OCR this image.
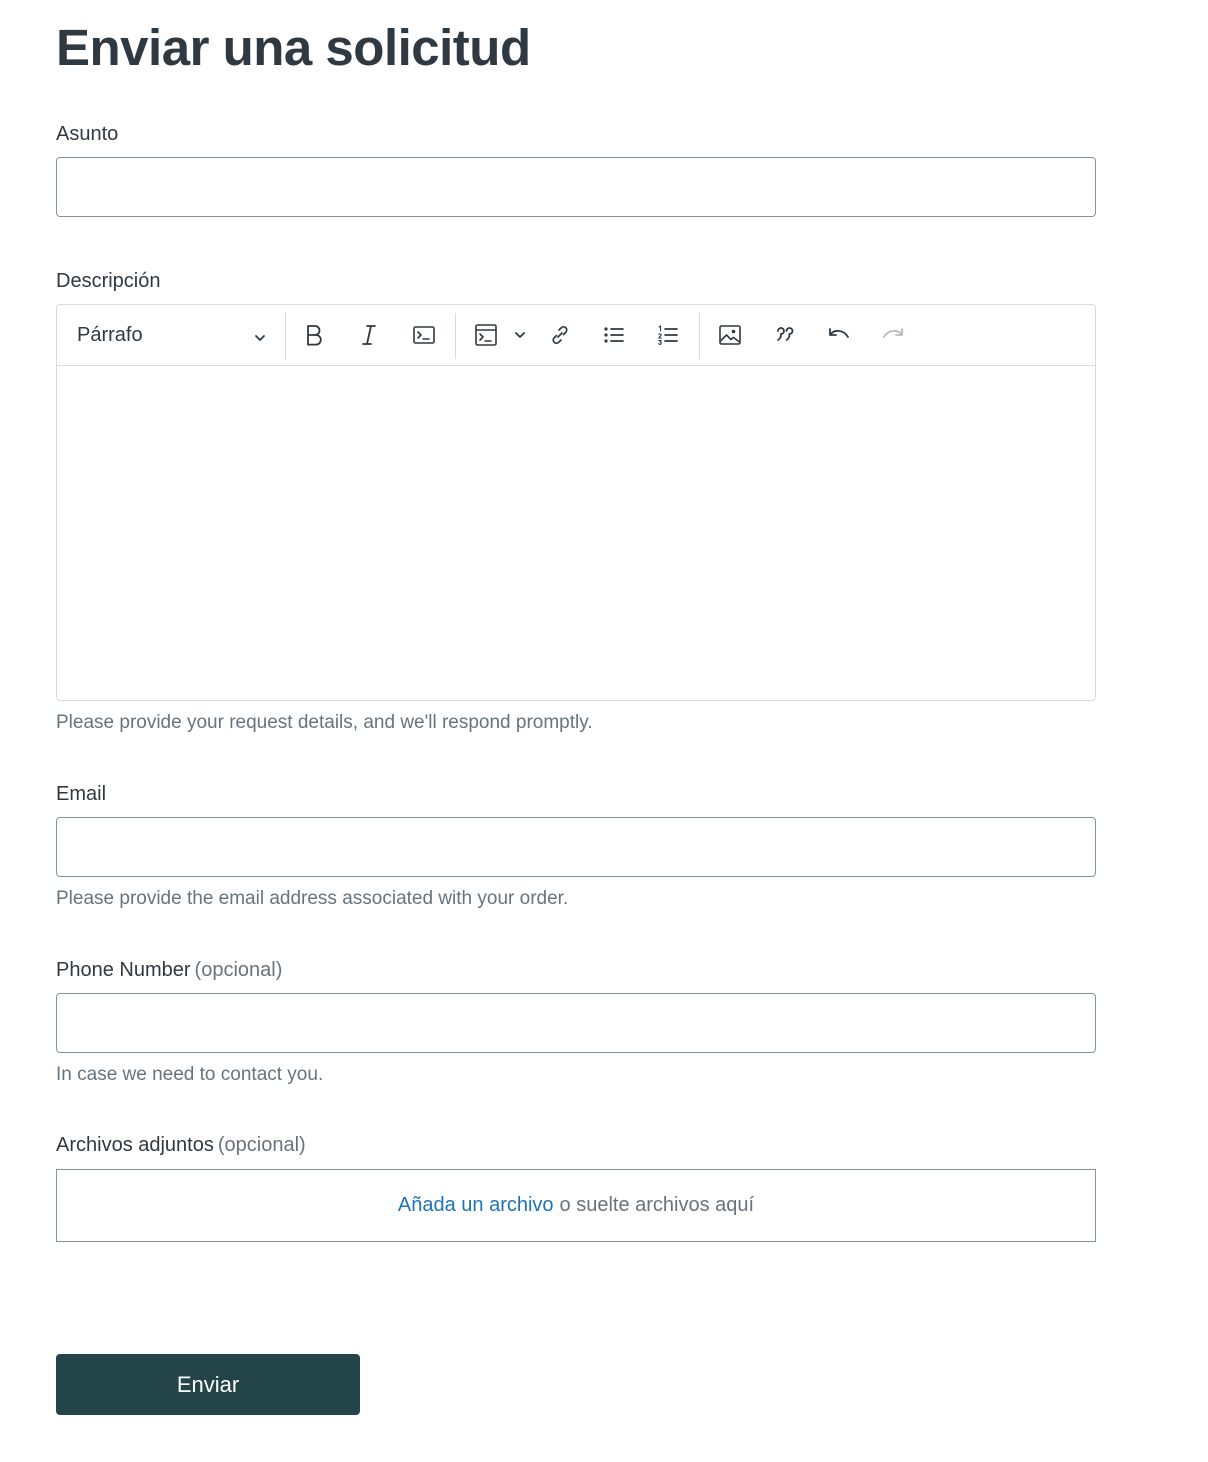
Enviar una solicitud
Asunto
Descripción
Párrafo
Please provide your request details, and we'll respond promptly.
Email
Please provide the email address associated with your order.
Phone Number (opcional)
In case we need to contact you.
Archivos adjuntos (opcional)
Añada un archivo o suelte archivos aquí
Enviar
